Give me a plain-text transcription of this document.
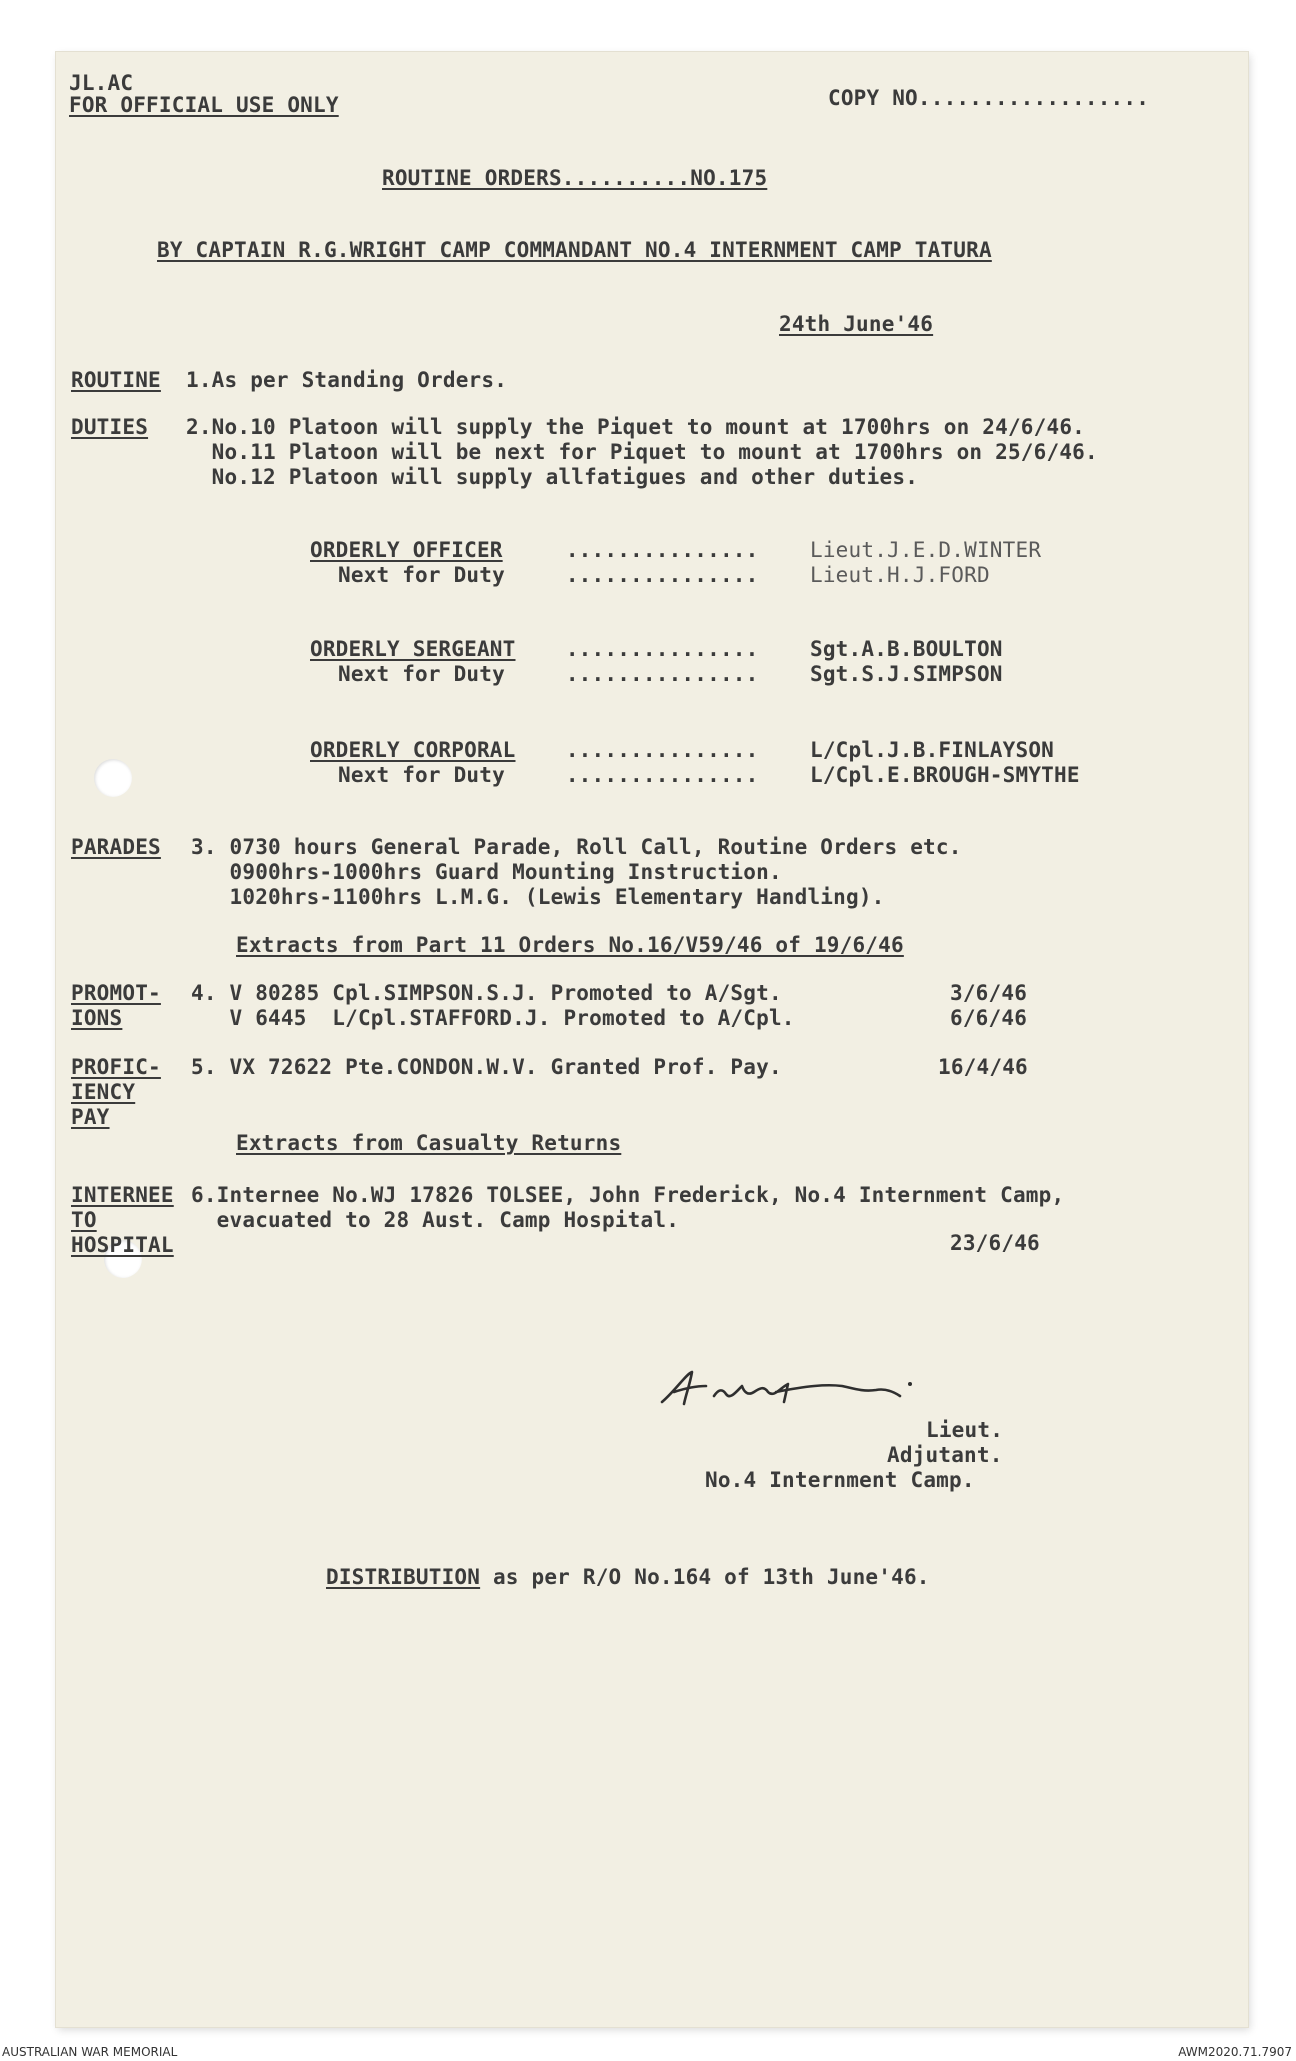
JL.AC
FOR OFFICIAL USE ONLY	COPY NO..................
ROUTINE ORDERS..........NO.175
BY CAPTAIN R.G.WRIGHT CAMP COMMANDANT NO.4 INTERNMENT CAMP TATURA
24th June'46
ROUTINE 1.As per Standing Orders.
DUTIES 2.No.10 Platoon will supply the Piquet to mount at 1700hrs on 24/6/46.
No.11 Platoon will be next for Piquet to mount at 1700hrs on 25/6/46.
No.12 Platoon will supply allfatigues and other duties.
ORDERLY OFFICER ............... Lieut.J.E.D.WINTER
Next for Duty ............... Lieut.H.J.FORD
ORDERLY SERGEANT ............... Sgt.A.B.BOULTON
Next for Duty ............... Sgt.S.J.SIMPSON
ORDERLY CORPORAL ............... L/Cpl.J.B.FINLAYSON
Next for Duty ............... L/Cpl.E.BROUGH-SMYTHE
PARADES 3. 0730 hours General Parade, Roll Call, Routine Orders etc.
0900hrs-1000hrs Guard Mounting Instruction.
1020hrs-1100hrs L.M.G. (Lewis Elementary Handling).
Extracts from Part 11 Orders No.16/V59/46 of 19/6/46
PROMOT-
IONS
4. V 80285 Cpl.SIMPSON.S.J. Promoted to A/Sgt.	3/6/46
V 6445  L/Cpl.STAFFORD.J. Promoted to A/Cpl.	6/6/46
PROFIC-
IENCY
PAY
5. VX 72622 Pte.CONDON.W.V. Granted Prof. Pay.	16/4/46
Extracts from Casualty Returns
INTERNEE
TO
HOSPITAL
6.Internee No.WJ 17826 TOLSEE, John Frederick, No.4 Internment Camp,
evacuated to 28 Aust. Camp Hospital.
23/6/46
Lieut.
Adjutant.
No.4 Internment Camp.
DISTRIBUTION as per R/O No.164 of 13th June'46.
AUSTRALIAN WAR MEMORIAL	AWM2020.71.7907
